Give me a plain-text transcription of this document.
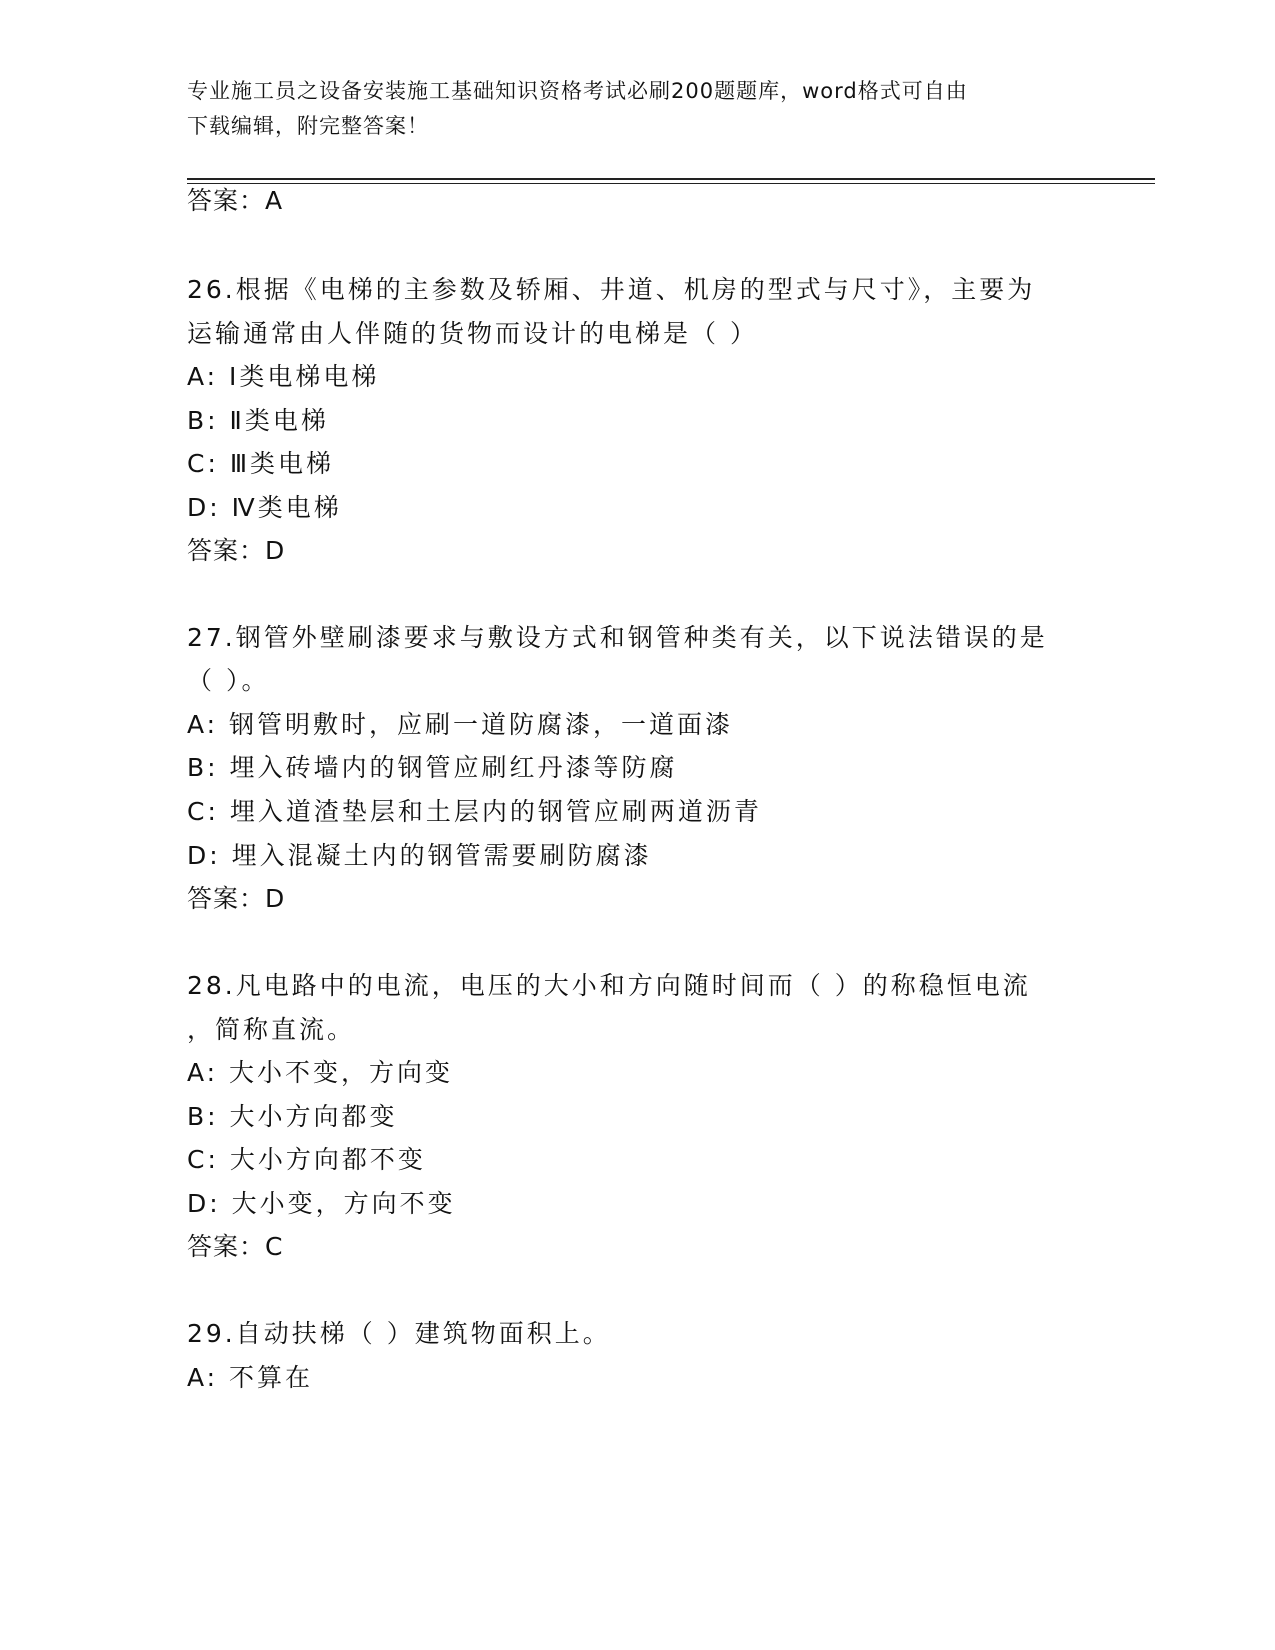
专业施工员之设备安装施工基础知识资格考试必刷200题题库，word格式可自由
下载编辑，附完整答案！
答案：A
26.根据《电梯的主参数及轿厢、井道、机房的型式与尺寸》，主要为
运输通常由人伴随的货物而设计的电梯是（ ）
A: Ⅰ类电梯电梯
B: Ⅱ类电梯
C: Ⅲ类电梯
D: Ⅳ类电梯
答案：D
27.钢管外壁刷漆要求与敷设方式和钢管种类有关，以下说法错误的是
（ ）。
A: 钢管明敷时，应刷一道防腐漆，一道面漆
B: 埋入砖墙内的钢管应刷红丹漆等防腐
C: 埋入道渣垫层和土层内的钢管应刷两道沥青
D: 埋入混凝土内的钢管需要刷防腐漆
答案：D
28.凡电路中的电流，电压的大小和方向随时间而（ ）的称稳恒电流
，简称直流。
A: 大小不变，方向变
B: 大小方向都变
C: 大小方向都不变
D: 大小变，方向不变
答案：C
29.自动扶梯（ ）建筑物面积上。
A: 不算在
